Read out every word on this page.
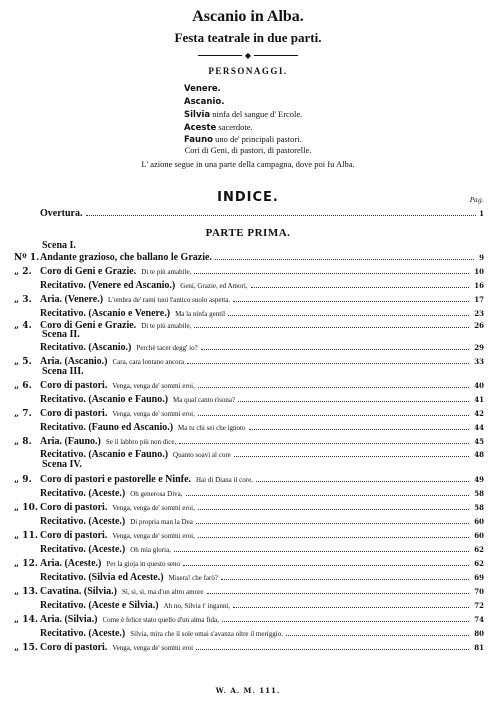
Ascanio in Alba.
Festa teatrale in due parti.
◆
PERSONAGGI.
Venere.
Ascanio.
Silvia ninfa del sangue d' Ercole.
Aceste sacerdote.
Fauno uno de' principali pastori.
Cori di Geni, di pastori, di pastorelle.
L' azione segue in una parte della campagna, dove poi fu Alba.
INDICE.	Pag.
Overtura.	1
PARTE PRIMA.
Scena I.
Scena II.
Scena III.
Scena IV.
Nº 1. Andante grazioso, che ballano le Grazie.	9
„ 2. Coro di Geni e Grazie. Di te più amabile,	10
Recitativo. (Venere ed Ascanio.) Geni, Grazie, ed Amori,	16
„ 3. Aria. (Venere.) L'ombra de' rami tuoi l'antico suolo aspetta.	17
Recitativo. (Ascanio e Venere.) Ma la ninfa gentil	23
„ 4. Coro di Geni e Grazie. Di te più amabile,	26
Recitativo. (Ascanio.) Perchè tacer degg' io?	29
„ 5. Aria. (Ascanio.) Cara, cara lontano ancora	33
„ 6. Coro di pastori. Venga, venga de' sommi eroi,	40
Recitativo. (Ascanio e Fauno.) Ma qual canto risona?	41
„ 7. Coro di pastori. Venga, venga de' sommi eroi,	42
Recitativo. (Fauno ed Ascanio.) Ma tu chi sei che ignoto	44
„ 8. Aria. (Fauno.) Se il labbro più non dice,	45
Recitativo. (Ascanio e Fauno.) Quanto soavi al core	48
„ 9. Coro di pastori e pastorelle e Ninfe. Hai di Diana il core,	49
Recitativo. (Aceste.) Oh generosa Diva,	58
„ 10. Coro di pastori. Venga, venga de' sommi eroi,	58
Recitativo. (Aceste.) Di propria man la Dea	60
„ 11. Coro di pastori. Venga, venga de' sommi eroi,	60
Recitativo. (Aceste.) Oh mia gloria,	62
„ 12. Aria. (Aceste.) Per la gioja in questo seno	62
Recitativo. (Silvia ed Aceste.) Misera! che farò?	69
„ 13. Cavatina. (Silvia.) Sì, sì, sì, ma d'un altro amore	70
Recitativo. (Aceste e Silvia.) Ah no, Silvia t' inganni,	72
„ 14. Aria. (Silvia.) Come è felice stato quello d'un alma fida,	74
Recitativo. (Aceste.) Silvia, mira che il sole omai s'avanza oltre il meriggio.	80
„ 15. Coro di pastori. Venga, venga de' sommi eroi	81
W. A. M. 111.
